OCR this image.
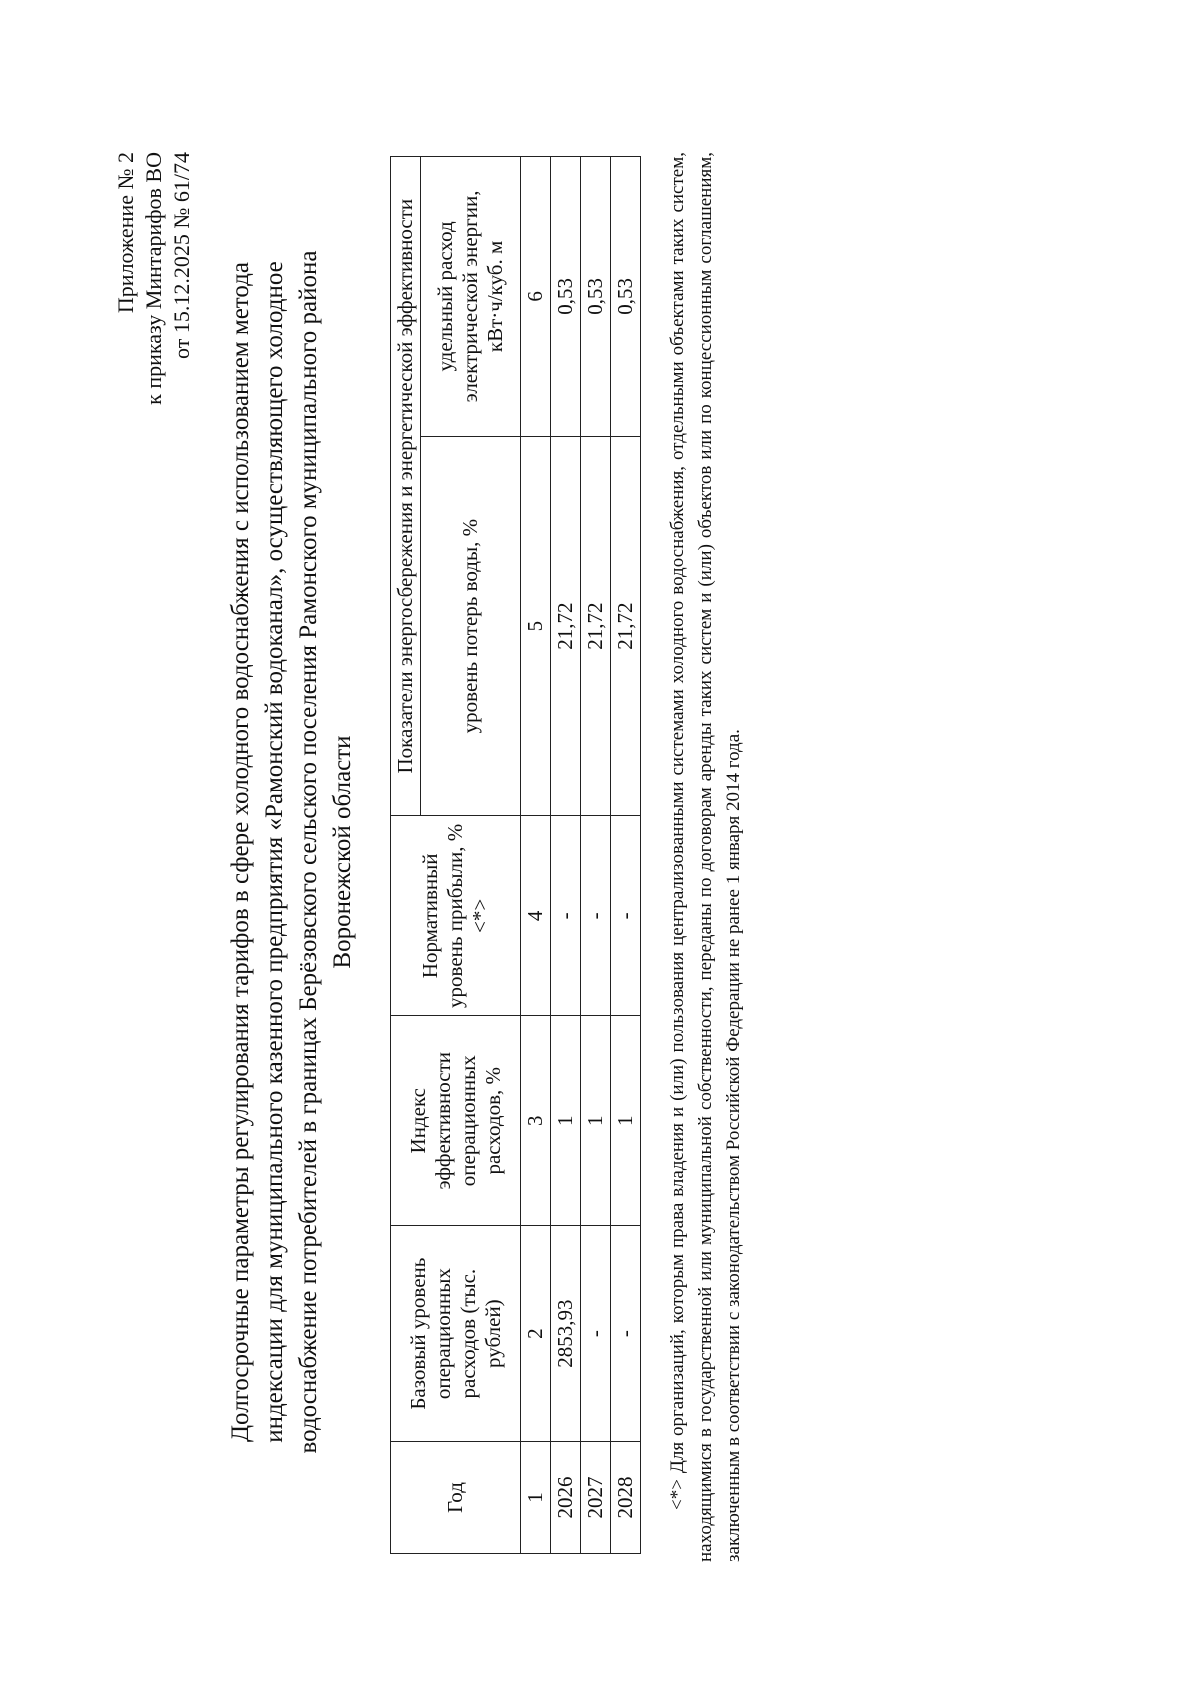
Приложение № 2 к приказу Минтарифов ВО от 15.12.2025 № 61/74
Долгосрочные параметры регулирования тарифов в сфере холодного водоснабжения с использованием метода индексации для муниципального казенного предприятия «Рамонский водоканал», осуществляющего холодное водоснабжение потребителей в границах Берёзовского сельского поселения Рамонского муниципального района Воронежской области
Год	Базовый уровень операционных расходов (тыс. рублей)	Индекс эффективности операционных расходов, %	Нормативный уровень прибыли, % <*>	Показатели энергосбережения и энергетической эффективности	
				уровень потерь воды, %	удельный расход электрической энергии, кВт·ч/куб. м
1	2	3	4	5	6
2026	2853,93	1	-	21,72	0,53
2027	-	1	-	21,72	0,53
2028	-	1	-	21,72	0,53 <*> Для организаций, которым права владения и (или) пользования централизованными системами холодного водоснабжения, отдельными объектами таких систем, находящимися в государственной или муниципальной собственности, переданы по договорам аренды таких систем и (или) объектов или по концессионным соглашениям, заключенным в соответствии с законодательством Российской Федерации не ранее 1 января 2014 года.
